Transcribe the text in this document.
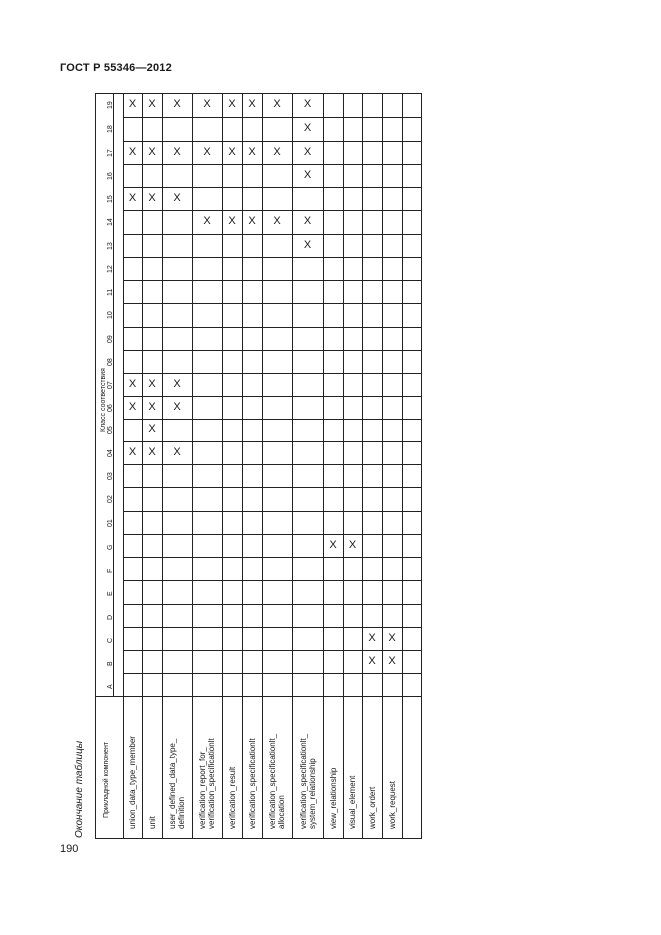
ГОСТ Р 55346—2012
Окончание таблицы
190
Класс соответствия
Прикладной компонент
A
B
C
D
E
F
G
01
02
03
04
05
06
07
08
09
10
11
12
13
14
15
16
17
18
19
union_data_type_member
X
X
X
X
X
X
unit
X
X
X
X
X
X
X
user_defined_data_type_ definition
X
X
X
X
X
X
verification_report_for_ verification_specificationlt
X
X
X
verification_result
X
X
X
verification_specificationlt
X
X
X
verification_specificationlt_ allocation
X
X
X
verification_specificationlt_ system_relationship
X
X
X
X
X
X
view_relationship
X
visual_element
X
work_ordert
X
X
work_request
X
X
